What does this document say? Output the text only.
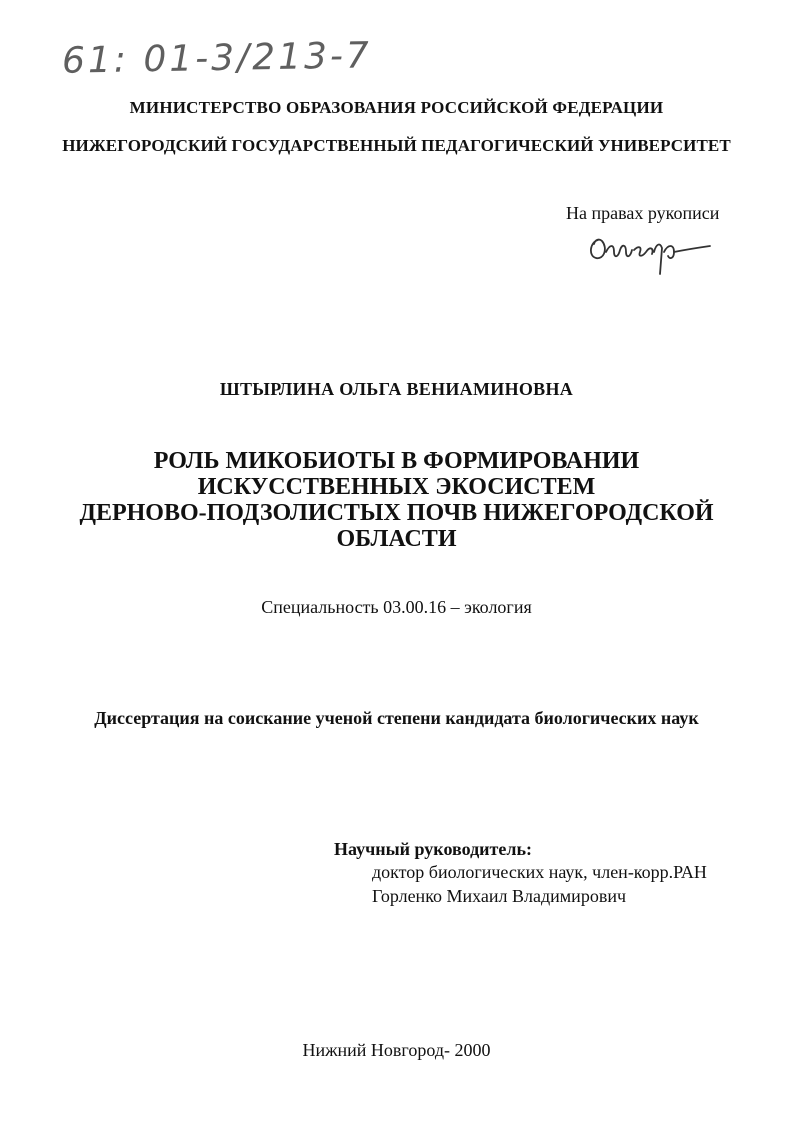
61: 01-3/213-7
МИНИСТЕРСТВО ОБРАЗОВАНИЯ РОССИЙСКОЙ ФЕДЕРАЦИИ
НИЖЕГОРОДСКИЙ ГОСУДАРСТВЕННЫЙ ПЕДАГОГИЧЕСКИЙ УНИВЕРСИТЕТ
На правах рукописи
ШТЫРЛИНА ОЛЬГА ВЕНИАМИНОВНА
РОЛЬ МИКОБИОТЫ В ФОРМИРОВАНИИ
ИСКУССТВЕННЫХ ЭКОСИСТЕМ
ДЕРНОВО-ПОДЗОЛИСТЫХ ПОЧВ НИЖЕГОРОДСКОЙ
ОБЛАСТИ
Специальность 03.00.16 – экология
Диссертация на соискание ученой степени кандидата биологических наук
Научный руководитель:
доктор биологических наук, член-корр.РАН
Горленко Михаил Владимирович
Нижний Новгород- 2000
